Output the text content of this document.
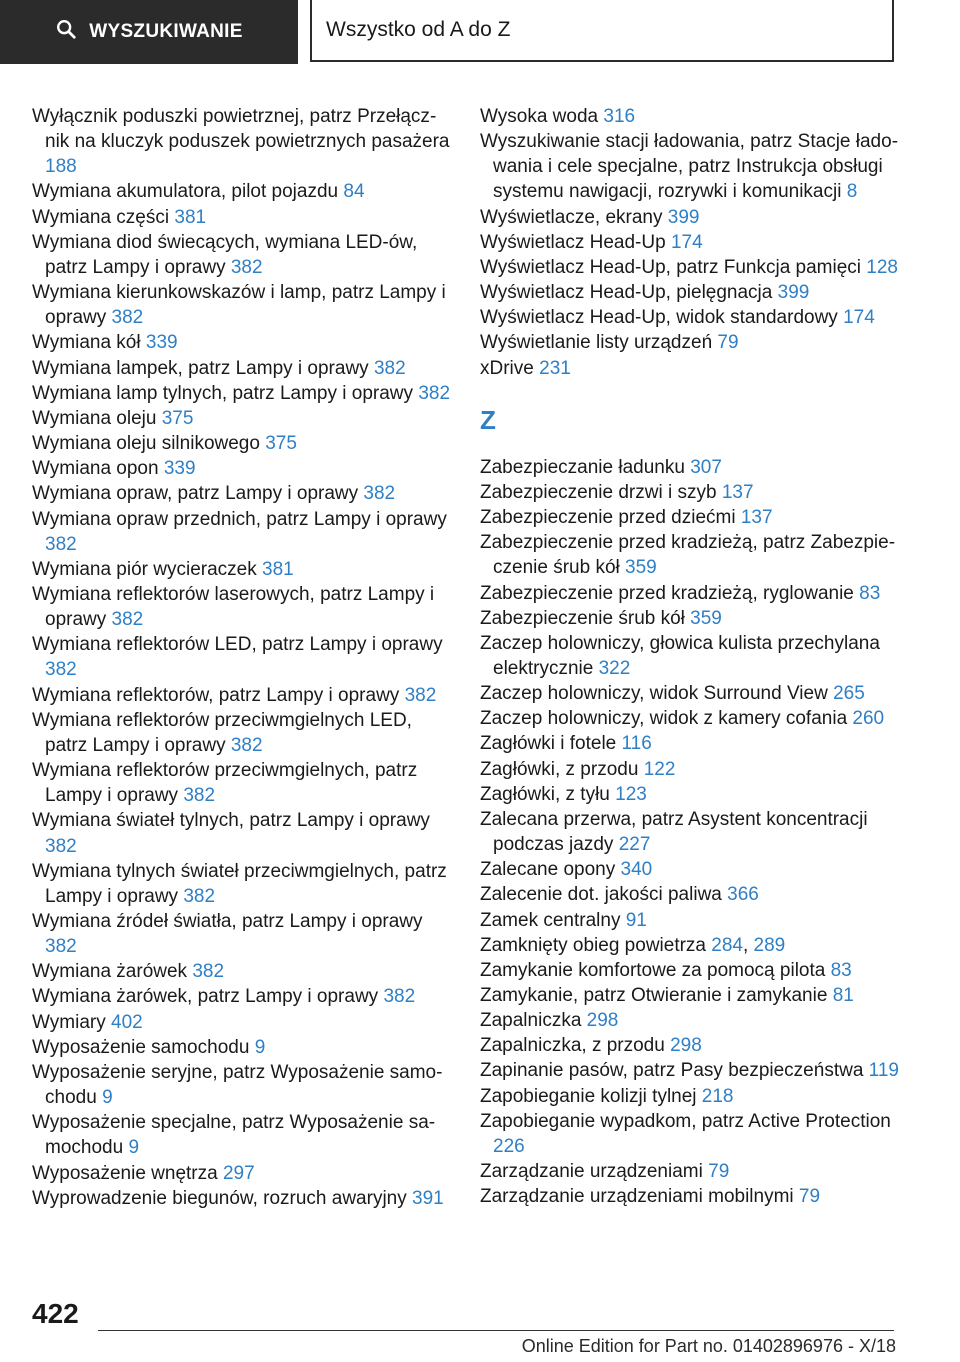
WYSZUKIWANIE	Wszystko od A do Z

Wyłącznik poduszki powietrznej, patrz Przełącznik na kluczyk poduszek powietrznych pasażera 188

Wymiana akumulatora, pilot pojazdu 84

Wymiana części 381

Wymiana diod świecących, wymiana LED-ów, patrz Lampy i oprawy 382

Wymiana kierunkowskazów i lamp, patrz Lampy i oprawy 382

Wymiana kół 339

Wymiana lampek, patrz Lampy i oprawy 382

Wymiana lamp tylnych, patrz Lampy i oprawy 382

Wymiana oleju 375

Wymiana oleju silnikowego 375

Wymiana opon 339

Wymiana opraw, patrz Lampy i oprawy 382

Wymiana opraw przednich, patrz Lampy i oprawy 382

Wymiana piór wycieraczek 381

Wymiana reflektorów laserowych, patrz Lampy i oprawy 382

Wymiana reflektorów LED, patrz Lampy i oprawy 382

Wymiana reflektorów, patrz Lampy i oprawy 382

Wymiana reflektorów przeciwmgielnych LED, patrz Lampy i oprawy 382

Wymiana reflektorów przeciwmgielnych, patrz Lampy i oprawy 382

Wymiana świateł tylnych, patrz Lampy i oprawy 382

Wymiana tylnych świateł przeciwmgielnych, patrz Lampy i oprawy 382

Wymiana źródeł światła, patrz Lampy i oprawy 382

Wymiana żarówek 382

Wymiana żarówek, patrz Lampy i oprawy 382

Wymiary 402

Wyposażenie samochodu 9

Wyposażenie seryjne, patrz Wyposażenie samochodu 9

Wyposażenie specjalne, patrz Wyposażenie samochodu 9

Wyposażenie wnętrza 297

Wyprowadzenie biegunów, rozruch awaryjny 391

Wysoka woda 316

Wyszukiwanie stacji ładowania, patrz Stacje ładowania i cele specjalne, patrz Instrukcja obsługi systemu nawigacji, rozrywki i komunikacji 8

Wyświetlacze, ekrany 399

Wyświetlacz Head-Up 174

Wyświetlacz Head-Up, patrz Funkcja pamięci 128

Wyświetlacz Head-Up, pielęgnacja 399

Wyświetlacz Head-Up, widok standardowy 174

Wyświetlanie listy urządzeń 79

xDrive 231

Z

Zabezpieczanie ładunku 307

Zabezpieczenie drzwi i szyb 137

Zabezpieczenie przed dziećmi 137

Zabezpieczenie przed kradzieżą, patrz Zabezpieczenie śrub kół 359

Zabezpieczenie przed kradzieżą, ryglowanie 83

Zabezpieczenie śrub kół 359

Zaczep holowniczy, głowica kulista przechylana elektrycznie 322

Zaczep holowniczy, widok Surround View 265

Zaczep holowniczy, widok z kamery cofania 260

Zagłówki i fotele 116

Zagłówki, z przodu 122

Zagłówki, z tyłu 123

Zalecana przerwa, patrz Asystent koncentracji podczas jazdy 227

Zalecane opony 340

Zalecenie dot. jakości paliwa 366

Zamek centralny 91

Zamknięty obieg powietrza 284, 289

Zamykanie komfortowe za pomocą pilota 83

Zamykanie, patrz Otwieranie i zamykanie 81

Zapalniczka 298

Zapalniczka, z przodu 298

Zapinanie pasów, patrz Pasy bezpieczeństwa 119

Zapobieganie kolizji tylnej 218

Zapobieganie wypadkom, patrz Active Protection 226

Zarządzanie urządzeniami 79

Zarządzanie urządzeniami mobilnymi 79

422
Online Edition for Part no. 01402896976 - X/18
